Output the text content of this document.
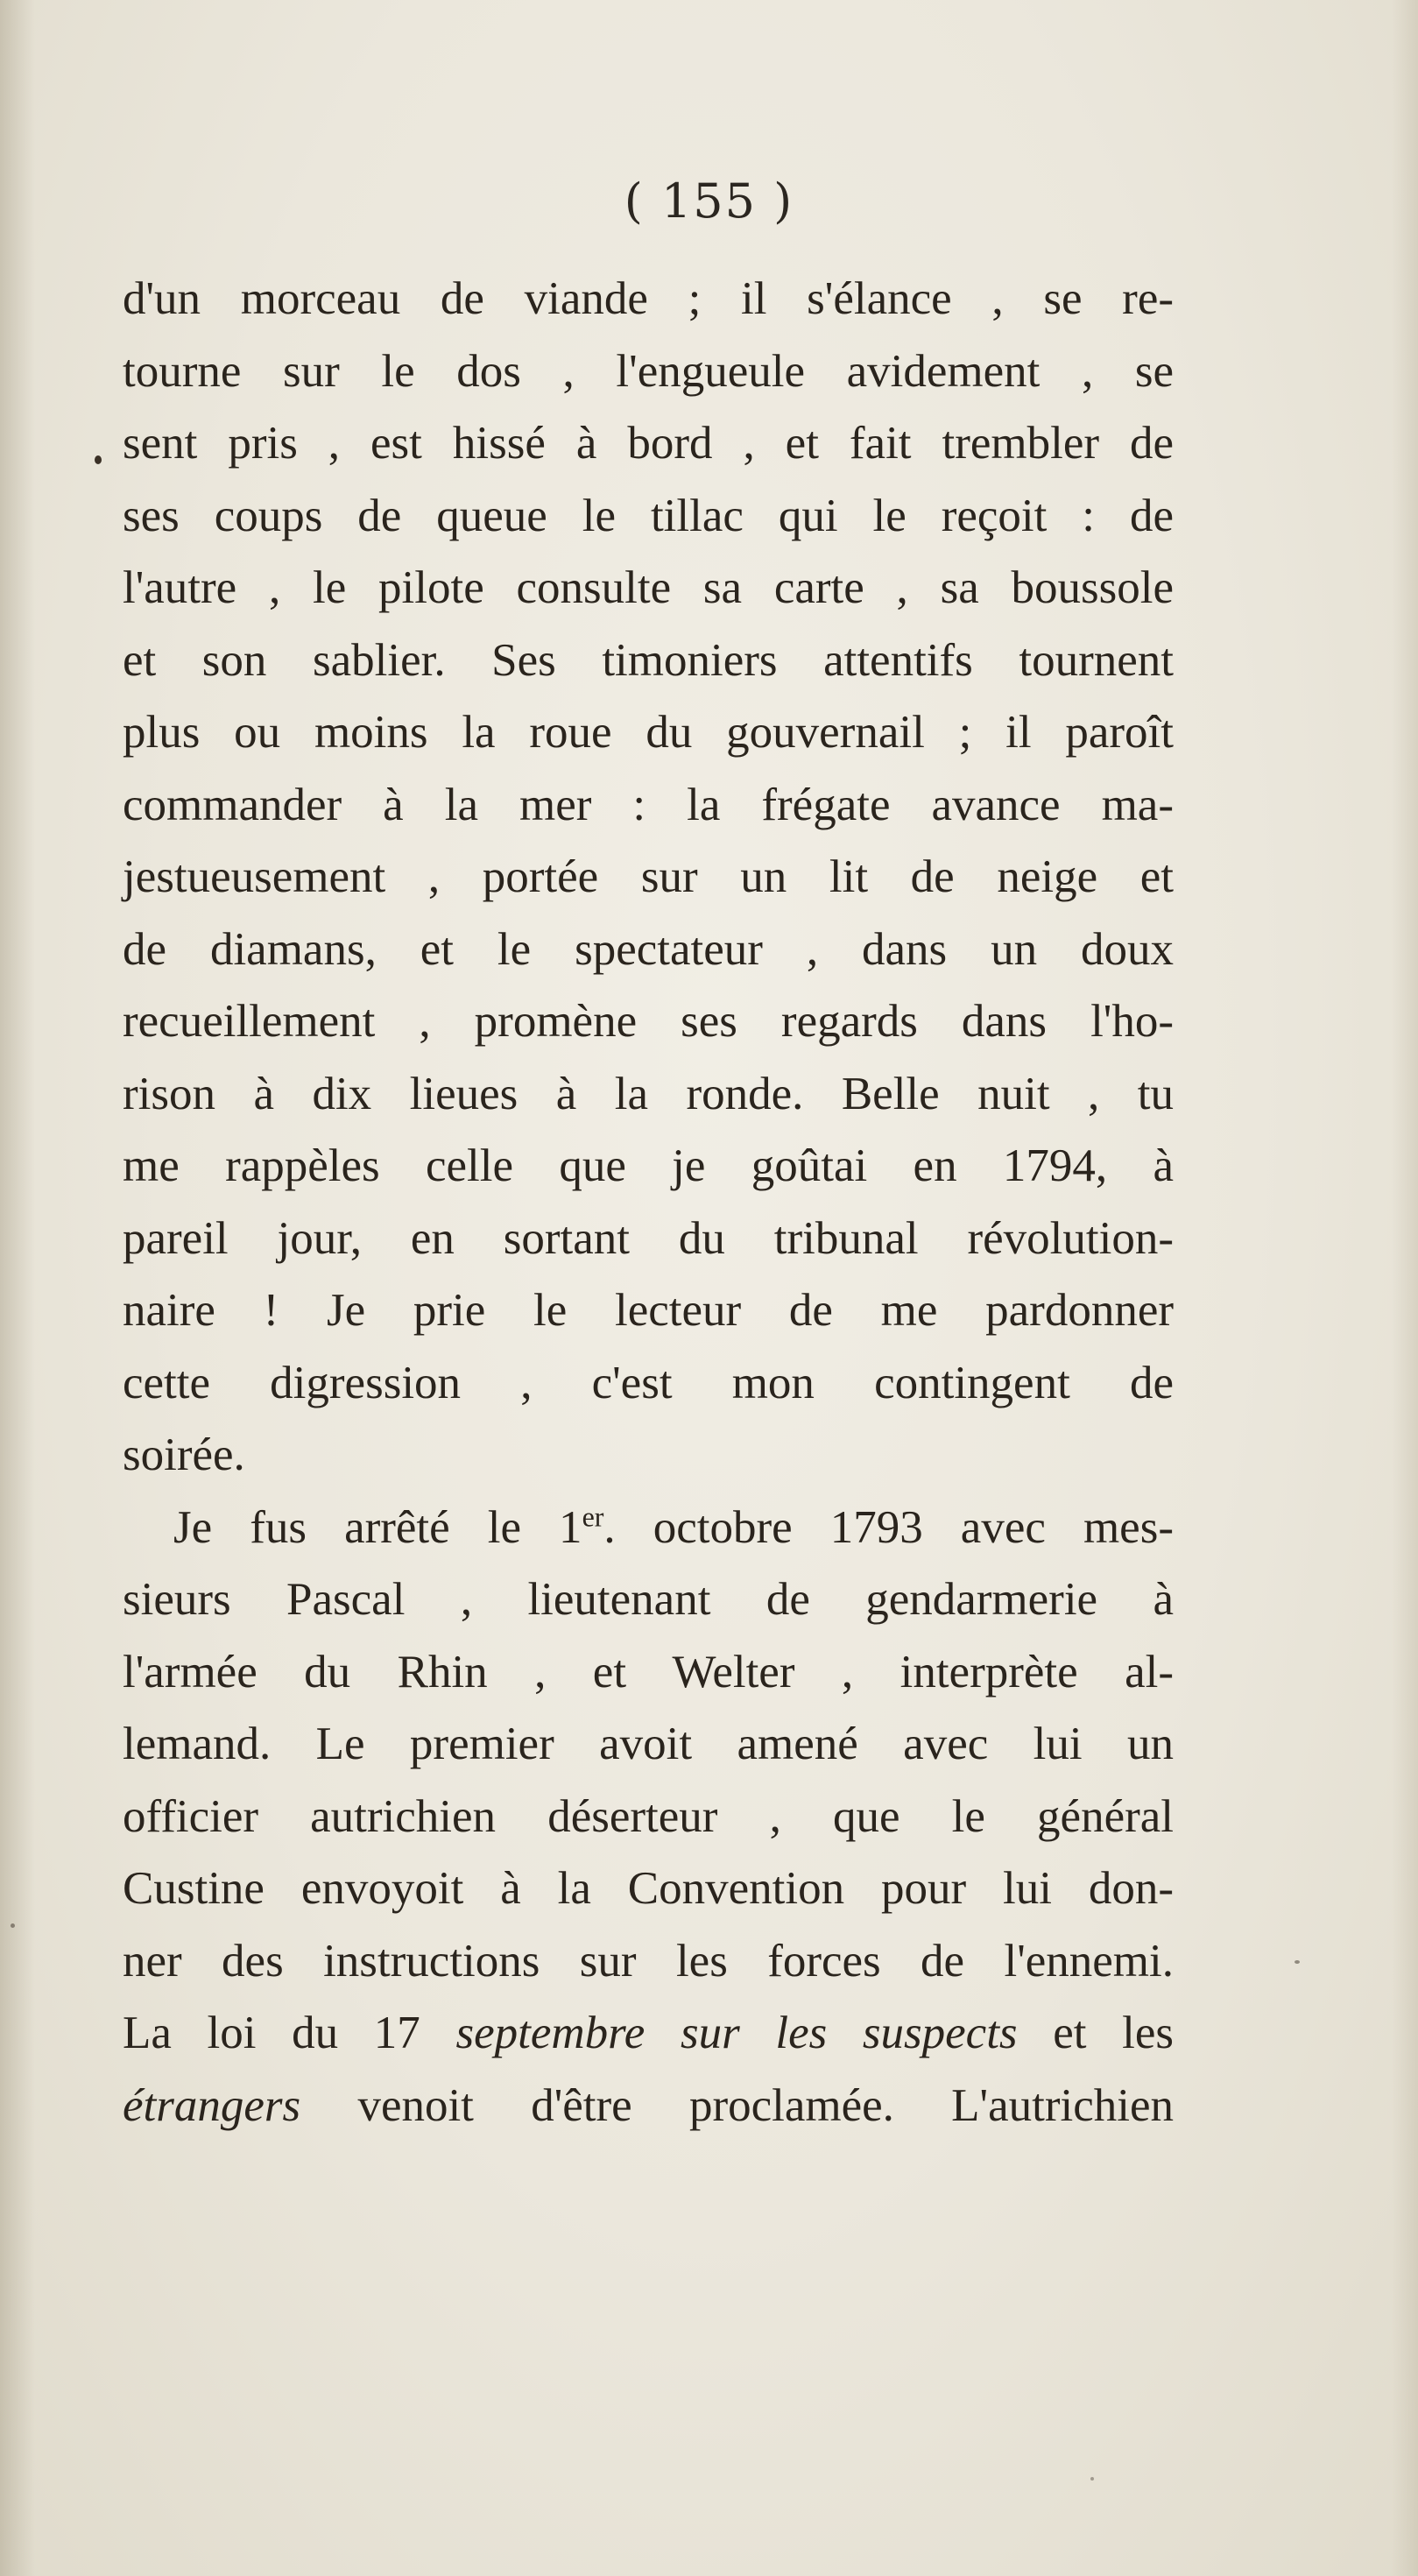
( 155 )
d'un morceau de viande ; il s'élance , se re-
tourne sur le dos , l'engueule avidement , se
sent pris , est hissé à bord , et fait trembler de
ses coups de queue le tillac qui le reçoit : de
l'autre , le pilote consulte sa carte , sa boussole
et son sablier. Ses timoniers attentifs tournent
plus ou moins la roue du gouvernail ; il paroît
commander à la mer : la frégate avance ma-
jestueusement , portée sur un lit de neige et
de diamans, et le spectateur , dans un doux
recueillement , promène ses regards dans l'ho-
rison à dix lieues à la ronde. Belle nuit , tu
me rappèles celle que je goûtai en 1794, à
pareil jour, en sortant du tribunal révolution-
naire ! Je prie le lecteur de me pardonner
cette digression , c'est mon contingent de
soirée.
Je fus arrêté le 1er. octobre 1793 avec mes-
sieurs Pascal , lieutenant de gendarmerie à
l'armée du Rhin , et Welter , interprète al-
lemand. Le premier avoit amené avec lui un
officier autrichien déserteur , que le général
Custine envoyoit à la Convention pour lui don-
ner des instructions sur les forces de l'ennemi.
La loi du 17 septembre sur les suspects et les
étrangers venoit d'être proclamée. L'autrichien
